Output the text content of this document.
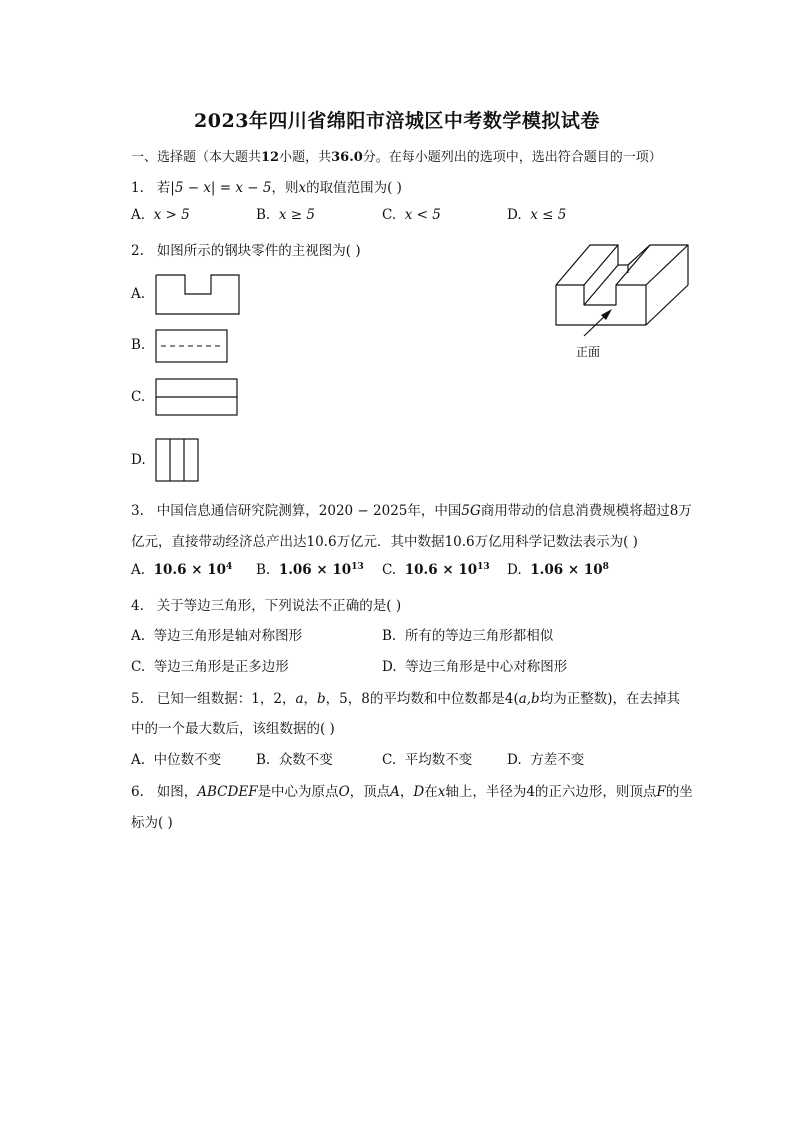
2023年四川省绵阳市涪城区中考数学模拟试卷
一、选择题（本大题共12小题，共36.0分。在每小题列出的选项中，选出符合题目的一项）
1. 若|5 − x| = x − 5，则x的取值范围为( )
A. x > 5	B. x ≥ 5	C. x < 5	D. x ≤ 5
2. 如图所示的钢块零件的主视图为( )
正面
A.
B.
C.
D.
3. 中国信息通信研究院测算，2020 − 2025年，中国5G商用带动的信息消费规模将超过8万
亿元，直接带动经济总产出达10.6万亿元．其中数据10.6万亿用科学记数法表示为( )
A. $10.6 \times 10^4$ B. $1.06 \times 10^{13}$ C. $10.6 \times 10^{13}$ D. $1.06 \times 10^8$
4. 关于等边三角形，下列说法不正确的是( )
A. 等边三角形是轴对称图形	B. 所有的等边三角形都相似
C. 等边三角形是正多边形	D. 等边三角形是中心对称图形
5. 已知一组数据：1，2，a，b，5，8的平均数和中位数都是4(a,b均为正整数)，在去掉其
中的一个最大数后，该组数据的( )
A. 中位数不变	B. 众数不变	C. 平均数不变	D. 方差不变
6. 如图，ABCDEF是中心为原点O，顶点A，D在x轴上，半径为4的正六边形，则顶点F的坐
标为( )
